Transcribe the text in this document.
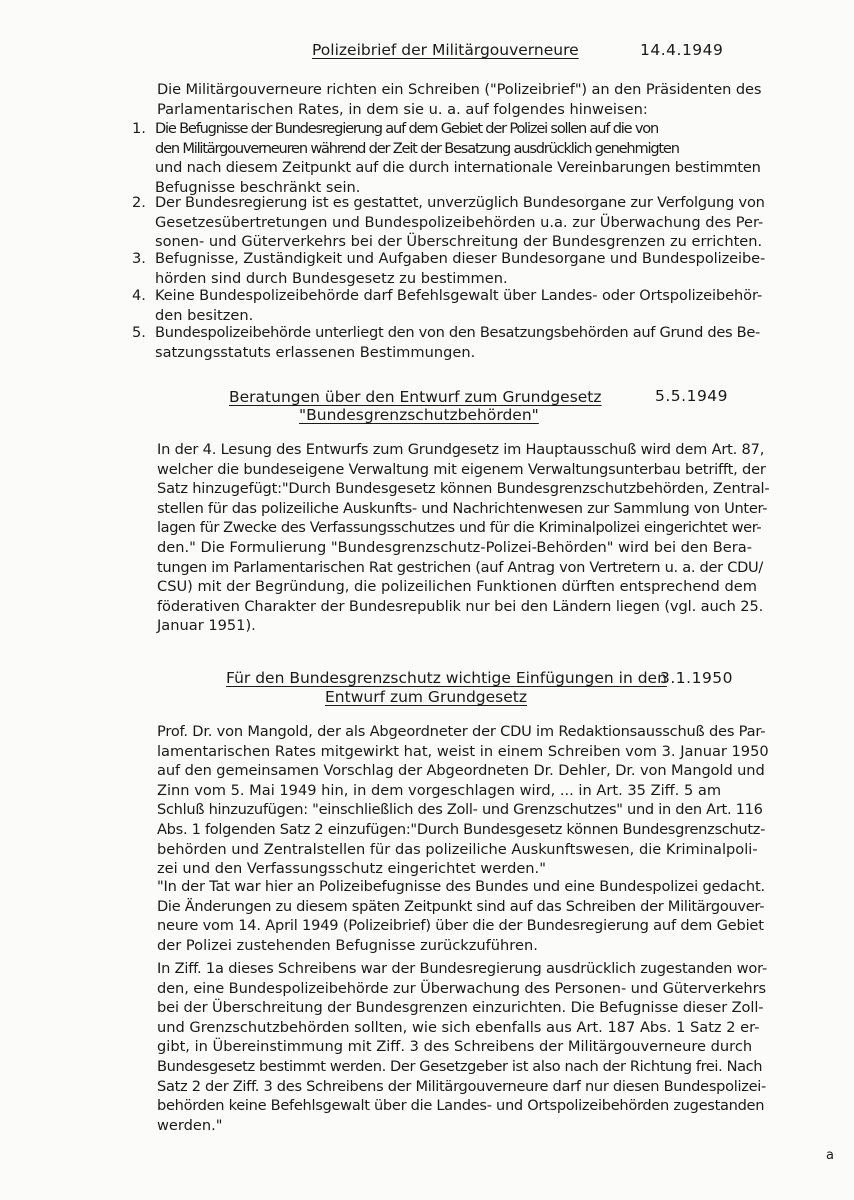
Polizeibrief der Militärgouverneure	14.4.1949
Die Militärgouverneure richten ein Schreiben ("Polizeibrief") an den Präsidenten des
Parlamentarischen Rates, in dem sie u. a. auf folgendes hinweisen:
1. Die Befugnisse der Bundesregierung auf dem Gebiet der Polizei sollen auf die von
den Militärgouverneuren während der Zeit der Besatzung ausdrücklich genehmigten
und nach diesem Zeitpunkt auf die durch internationale Vereinbarungen bestimmten
Befugnisse beschränkt sein.
2. Der Bundesregierung ist es gestattet, unverzüglich Bundesorgane zur Verfolgung von
Gesetzesübertretungen und Bundespolizeibehörden u.a. zur Überwachung des Per-
sonen- und Güterverkehrs bei der Überschreitung der Bundesgrenzen zu errichten.
3. Befugnisse, Zuständigkeit und Aufgaben dieser Bundesorgane und Bundespolizeibe-
hörden sind durch Bundesgesetz zu bestimmen.
4. Keine Bundespolizeibehörde darf Befehlsgewalt über Landes- oder Ortspolizeibehör-
den besitzen.
5. Bundespolizeibehörde unterliegt den von den Besatzungsbehörden auf Grund des Be-
satzungsstatuts erlassenen Bestimmungen.
Beratungen über den Entwurf zum Grundgesetz
"Bundesgrenzschutzbehörden"
5.5.1949
In der 4. Lesung des Entwurfs zum Grundgesetz im Hauptausschuß wird dem Art. 87,
welcher die bundeseigene Verwaltung mit eigenem Verwaltungsunterbau betrifft, der
Satz hinzugefügt:"Durch Bundesgesetz können Bundesgrenzschutzbehörden, Zentral-
stellen für das polizeiliche Auskunfts- und Nachrichtenwesen zur Sammlung von Unter-
lagen für Zwecke des Verfassungsschutzes und für die Kriminalpolizei eingerichtet wer-
den." Die Formulierung "Bundesgrenzschutz-Polizei-Behörden" wird bei den Bera-
tungen im Parlamentarischen Rat gestrichen (auf Antrag von Vertretern u. a. der CDU/
CSU) mit der Begründung, die polizeilichen Funktionen dürften entsprechend dem
föderativen Charakter der Bundesrepublik nur bei den Ländern liegen (vgl. auch 25.
Januar 1951).
Für den Bundesgrenzschutz wichtige Einfügungen in den
Entwurf zum Grundgesetz
3.1.1950
Prof. Dr. von Mangold, der als Abgeordneter der CDU im Redaktionsausschuß des Par-
lamentarischen Rates mitgewirkt hat, weist in einem Schreiben vom 3. Januar 1950
auf den gemeinsamen Vorschlag der Abgeordneten Dr. Dehler, Dr. von Mangold und
Zinn vom 5. Mai 1949 hin, in dem vorgeschlagen wird, ... in Art. 35 Ziff. 5 am
Schluß hinzuzufügen: "einschließlich des Zoll- und Grenzschutzes" und in den Art. 116
Abs. 1 folgenden Satz 2 einzufügen:"Durch Bundesgesetz können Bundesgrenzschutz-
behörden und Zentralstellen für das polizeiliche Auskunftswesen, die Kriminalpoli-
zei und den Verfassungsschutz eingerichtet werden."
"In der Tat war hier an Polizeibefugnisse des Bundes und eine Bundespolizei gedacht.
Die Änderungen zu diesem späten Zeitpunkt sind auf das Schreiben der Militärgouver-
neure vom 14. April 1949 (Polizeibrief) über die der Bundesregierung auf dem Gebiet
der Polizei zustehenden Befugnisse zurückzuführen.
In Ziff. 1a dieses Schreibens war der Bundesregierung ausdrücklich zugestanden wor-
den, eine Bundespolizeibehörde zur Überwachung des Personen- und Güterverkehrs
bei der Überschreitung der Bundesgrenzen einzurichten. Die Befugnisse dieser Zoll-
und Grenzschutzbehörden sollten, wie sich ebenfalls aus Art. 187 Abs. 1 Satz 2 er-
gibt, in Übereinstimmung mit Ziff. 3 des Schreibens der Militärgouverneure durch
Bundesgesetz bestimmt werden. Der Gesetzgeber ist also nach der Richtung frei. Nach
Satz 2 der Ziff. 3 des Schreibens der Militärgouverneure darf nur diesen Bundespolizei-
behörden keine Befehlsgewalt über die Landes- und Ortspolizeibehörden zugestanden
werden."
a
